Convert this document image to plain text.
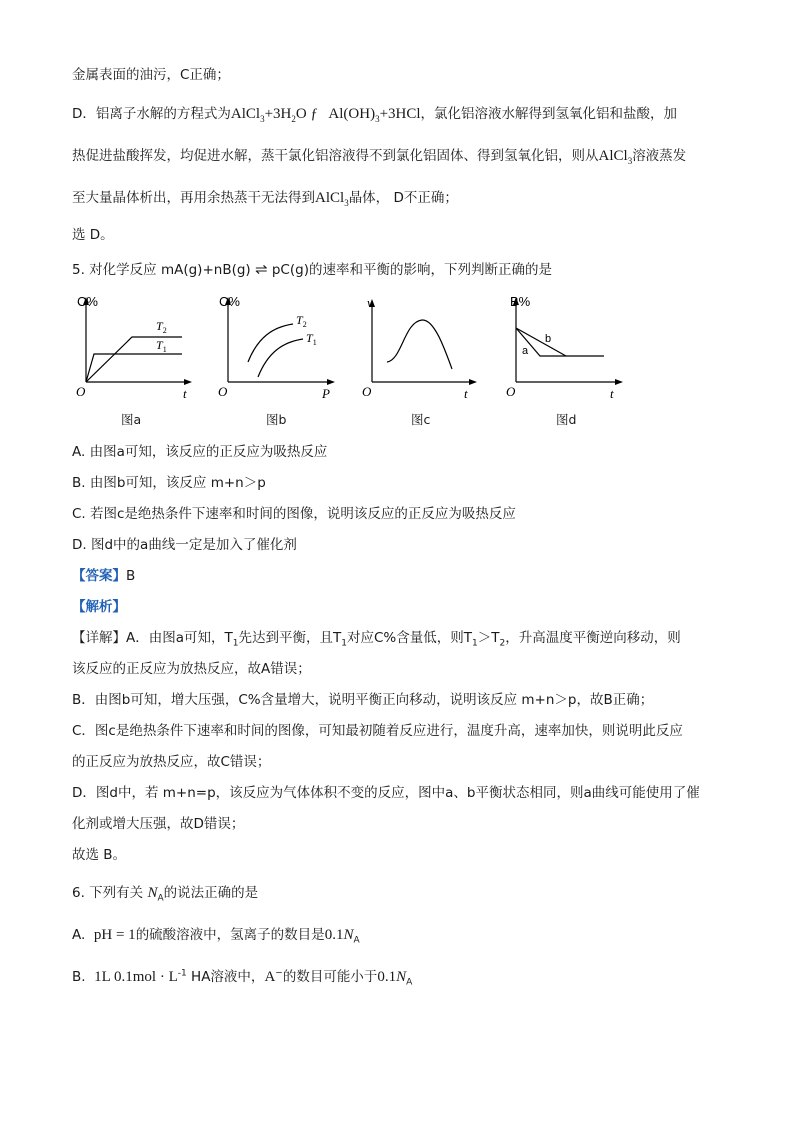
金属表面的油污，C正确；
D．铝离子水解的方程式为$AlCl_3+3H_2O$ ƒ $Al(OH)_3+3HCl$，氯化铝溶液水解得到氢氧化铝和盐酸，加
热促进盐酸挥发，均促进水解，蒸干氯化铝溶液得不到氯化铝固体、得到氢氧化铝，则从AlCl$_3$溶液蒸发
至大量晶体析出，再用余热蒸干无法得到AlCl$_3$晶体， D不正确；
选 D。
5. 对化学反应 mA(g)+nB(g) ⇌ pC(g)的速率和平衡的影响，下列判断正确的是
C%
O	t
$T_2$
$T_1$
图a
C%
O	P
$T_2$
$T_1$
图b
v
O	t
图c
B%
O	t
a
b
图d
A. 由图a可知，该反应的正反应为吸热反应
B. 由图b可知，该反应 m+n＞p
C. 若图c是绝热条件下速率和时间的图像，说明该反应的正反应为吸热反应
D. 图d中的a曲线一定是加入了催化剂
【答案】B
【解析】
【详解】A．由图a可知，$T_1$先达到平衡，且$T_1$对应C%含量低，则$T_1>T_2$，升高温度平衡逆向移动，则
该反应的正反应为放热反应，故A错误；
B．由图b可知，增大压强，C%含量增大，说明平衡正向移动，说明该反应 m+n＞p，故B正确；
C．图c是绝热条件下速率和时间的图像，可知最初随着反应进行，温度升高，速率加快，则说明此反应
的正反应为放热反应，故C错误；
D．图d中，若 m+n=p，该反应为气体体积不变的反应，图中a、b平衡状态相同，则a曲线可能使用了催
化剂或增大压强，故D错误；
故选 B。
6. 下列有关 $N_A$的说法正确的是
A. pH = 1的硫酸溶液中，氢离子的数目是$0.1N_A$
B. 1L $0.1mol \cdot L^{-1}$ HA溶液中，A−的数目可能小于$0.1N_A$
